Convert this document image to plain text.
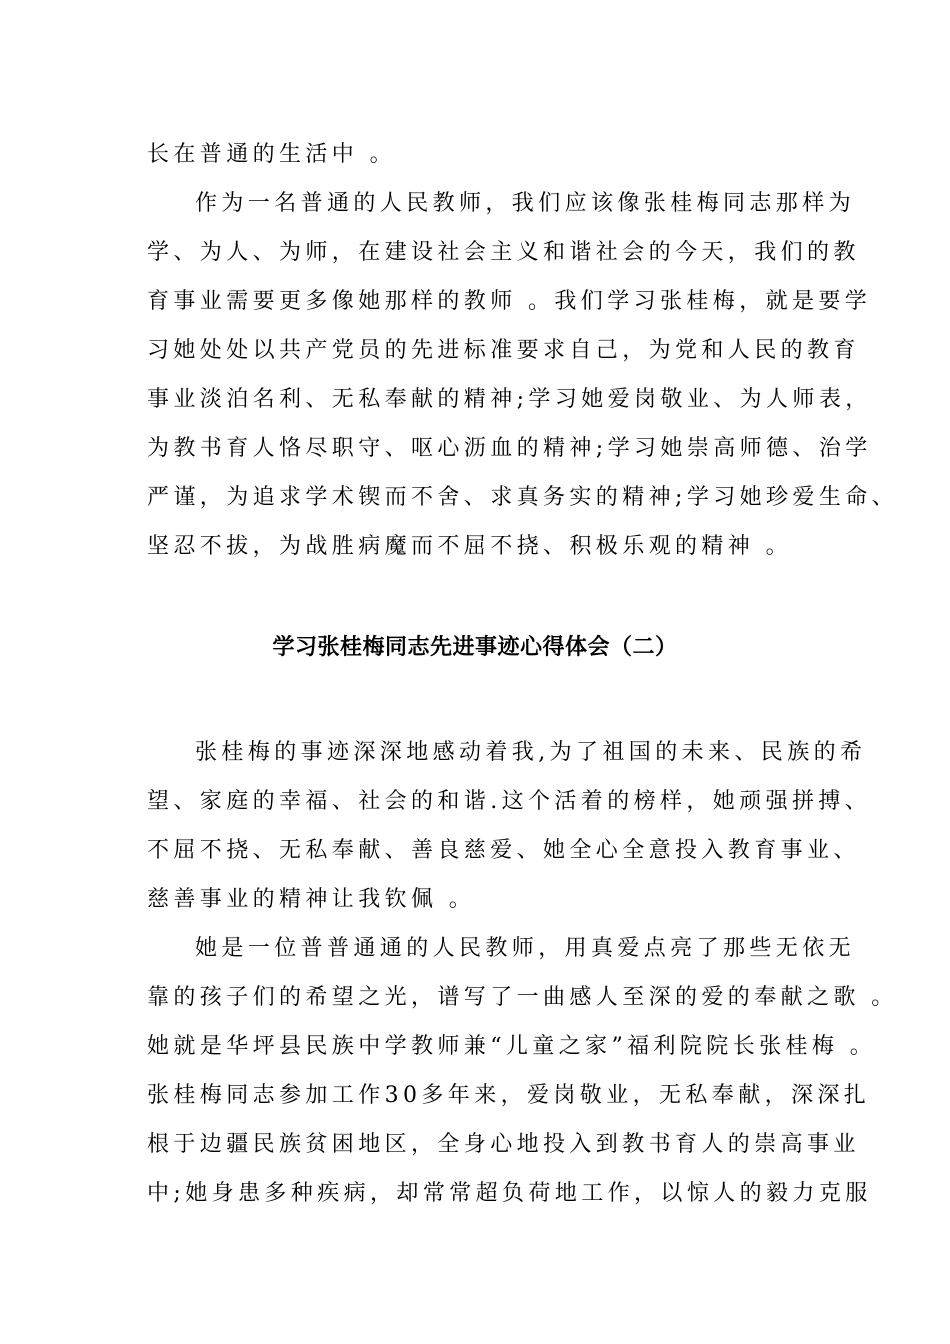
长在普通的生活中 。
作为一名普通的人民教师，我们应该像张桂梅同志那样为
学、为人、为师，在建设社会主义和谐社会的今天，我们的教
育事业需要更多像她那样的教师 。我们学习张桂梅，就是要学
习她处处以共产党员的先进标准要求自己，为党和人民的教育
事业淡泊名利、无私奉献的精神;学习她爱岗敬业、为人师表，
为教书育人恪尽职守、呕心沥血的精神;学习她崇高师德、治学
严谨，为追求学术锲而不舍、求真务实的精神;学习她珍爱生命、
坚忍不拔，为战胜病魔而不屈不挠、积极乐观的精神 。
学习张桂梅同志先进事迹心得体会（二）
张桂梅的事迹深深地感动着我,为了祖国的未来、民族的希
望、家庭的幸福、社会的和谐.这个活着的榜样，她顽强拼搏、
不屈不挠、无私奉献、善良慈爱、她全心全意投入教育事业、
慈善事业的精神让我钦佩 。
她是一位普普通通的人民教师，用真爱点亮了那些无依无
靠的孩子们的希望之光，谱写了一曲感人至深的爱的奉献之歌 。
她就是华坪县民族中学教师兼“儿童之家”福利院院长张桂梅 。
张桂梅同志参加工作30多年来，爱岗敬业，无私奉献，深深扎
根于边疆民族贫困地区，全身心地投入到教书育人的崇高事业
中;她身患多种疾病，却常常超负荷地工作，以惊人的毅力克服
